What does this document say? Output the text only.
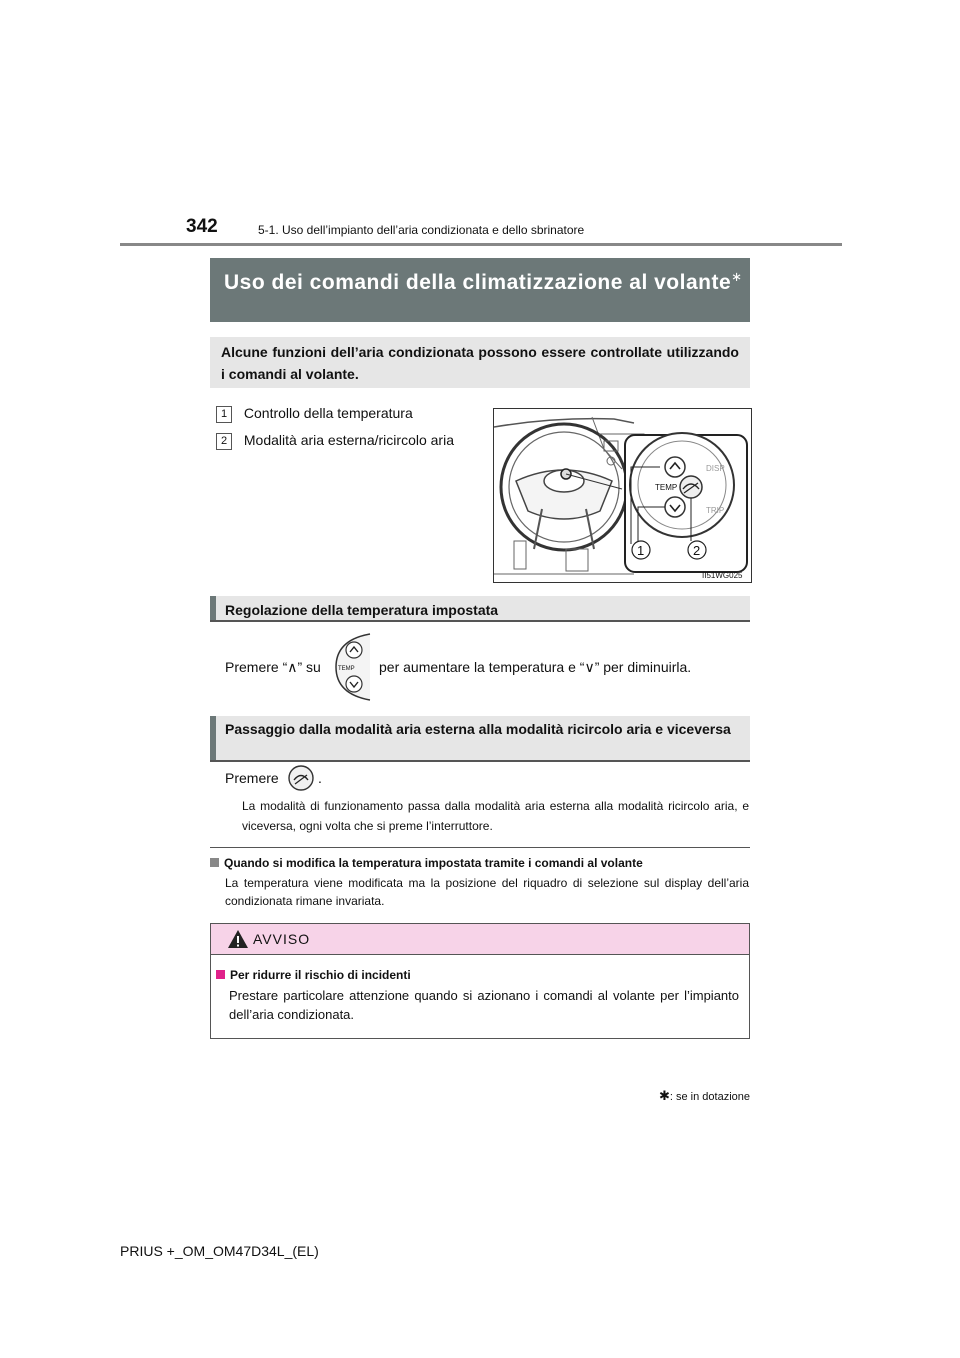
342	5-1. Uso dell’impianto dell’aria condizionata e dello sbrinatore
Uso dei comandi della climatizzazione al volante∗
Alcune funzioni dell’aria condizionata possono essere controllate utilizzando i comandi al volante.
1 Controllo della temperatura
2 Modalità aria esterna/ricircolo aria
TEMP
DISP
TRIP
1	2
II51WG025
Regolazione della temperatura impostata
Premere “∧” su	TEMP per aumentare la temperatura e “∨” per diminuirla.
Passaggio dalla modalità aria esterna alla modalità ricircolo aria e viceversa
Premere	.
La modalità di funzionamento passa dalla modalità aria esterna alla modalità ricircolo aria, e viceversa, ogni volta che si preme l’interruttore.
Quando si modifica la temperatura impostata tramite i comandi al volante
La temperatura viene modificata ma la posizione del riquadro di selezione sul display dell’aria condizionata rimane invariata.
AVVISO
Per ridurre il rischio di incidenti
Prestare particolare attenzione quando si azionano i comandi al volante per l’impianto dell’aria condizionata.
✱: se in dotazione
PRIUS +_OM_OM47D34L_(EL)
